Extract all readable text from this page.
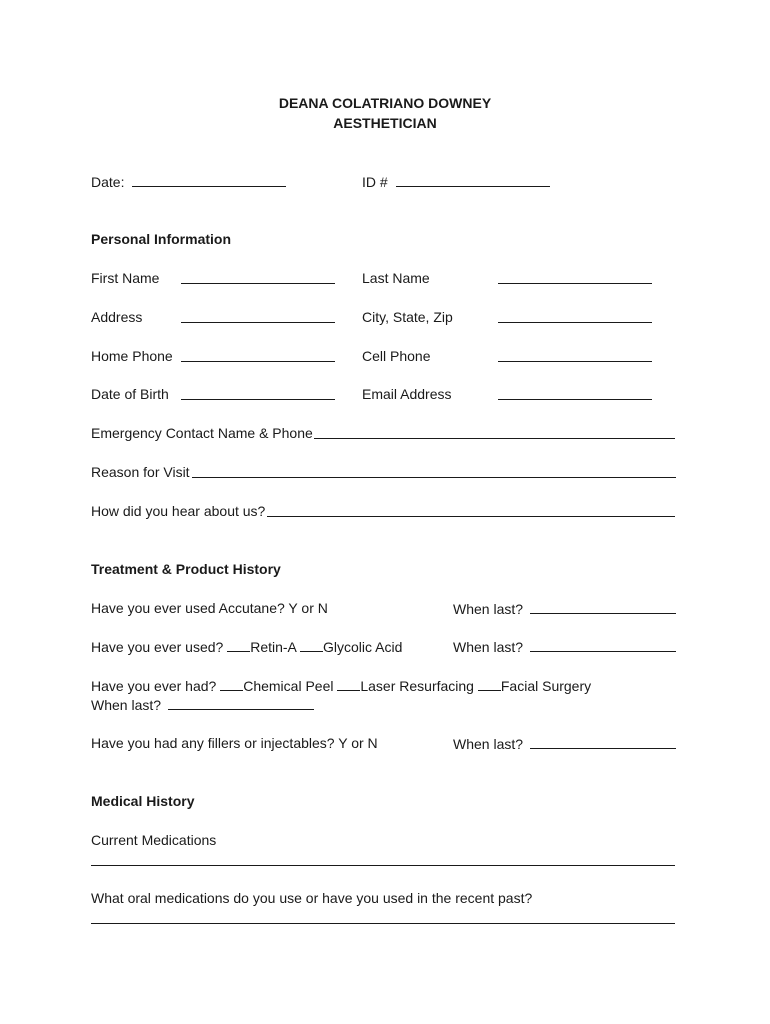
DEANA COLATRIANO DOWNEY
AESTHETICIAN
Date:	ID #
Personal Information
First Name	Last Name
Address	City, State, Zip
Home Phone	Cell Phone
Date of Birth	Email Address
Emergency Contact Name & Phone
Reason for Visit
How did you hear about us?
Treatment & Product History
Have you ever used Accutane? Y or N	When last?
Have you ever used? Retin-A Glycolic Acid	When last?
Have you ever had? Chemical Peel Laser Resurfacing Facial Surgery
When last?
Have you had any fillers or injectables? Y or N	When last?
Medical History
Current Medications
What oral medications do you use or have you used in the recent past?
